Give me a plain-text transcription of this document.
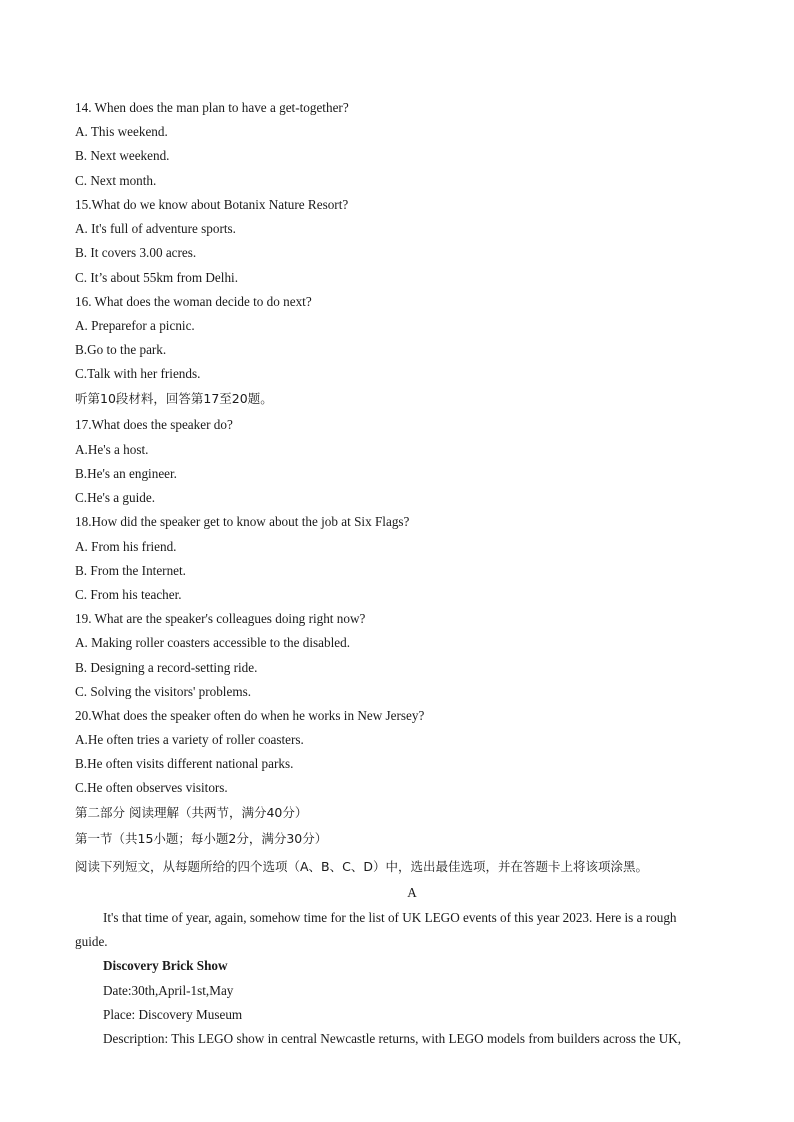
14. When does the man plan to have a get-together?
A. This weekend.
B. Next weekend.
C. Next month.
15.What do we know about Botanix Nature Resort?
A. It's full of adventure sports.
B. It covers 3.00 acres.
C. It’s about 55km from Delhi.
16. What does the woman decide to do next?
A. Preparefor a picnic.
B.Go to the park.
C.Talk with her friends.
听第10段材料，回答第17至20题。
17.What does the speaker do?
A.He's a host.
B.He's an engineer.
C.He's a guide.
18.How did the speaker get to know about the job at Six Flags?
A. From his friend.
B. From the Internet.
C. From his teacher.
19. What are the speaker's colleagues doing right now?
A. Making roller coasters accessible to the disabled.
B. Designing a record-setting ride.
C. Solving the visitors' problems.
20.What does the speaker often do when he works in New Jersey?
A.He often tries a variety of roller coasters.
B.He often visits different national parks.
C.He often observes visitors.
第二部分 阅读理解（共两节，满分40分）
第一节（共15小题；每小题2分，满分30分）
阅读下列短文，从每题所给的四个选项（A、B、C、D）中，选出最佳选项，并在答题卡上将该项涂黑。
A
It's that time of year, again, somehow time for the list of UK LEGO events of this year 2023. Here is a rough
guide.
Discovery Brick Show
Date:30th,April-1st,May
Place: Discovery Museum
Description: This LEGO show in central Newcastle returns, with LEGO models from builders across the UK,
